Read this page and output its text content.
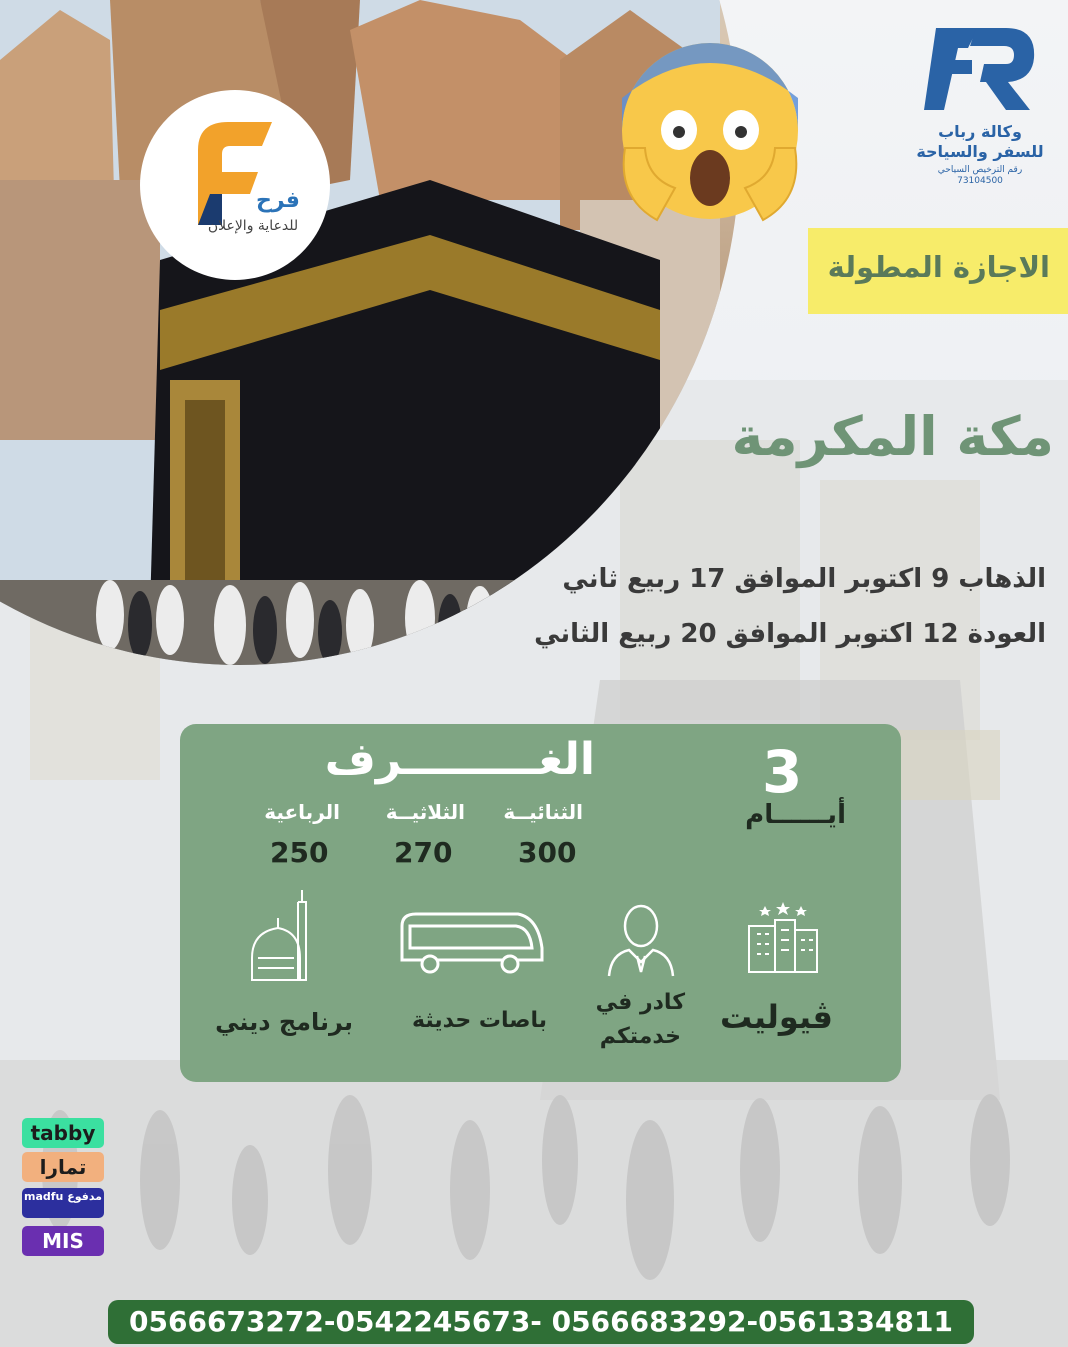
فرح
للدعاية والإعلان
وكالة رباب
للسفر والسياحة
رقم الترخيص السياحي
73104500
الاجازة المطولة
مكة المكرمة
الذهاب 9 اكتوبر الموافق 17 ربيع ثاني
العودة 12 اكتوبر الموافق 20 ربيع الثاني
3
أيــــــام
الغـــــــــرف
الثنائيــة
الثلاثيــة
الرباعية
300
270
250
ڤيوليت
كادر في
خدمتكم
باصات حديثة
برنامج ديني
tabby
تمارا
madfu مدفوع
MIS
0566673272-0542245673- 0566683292-0561334811
